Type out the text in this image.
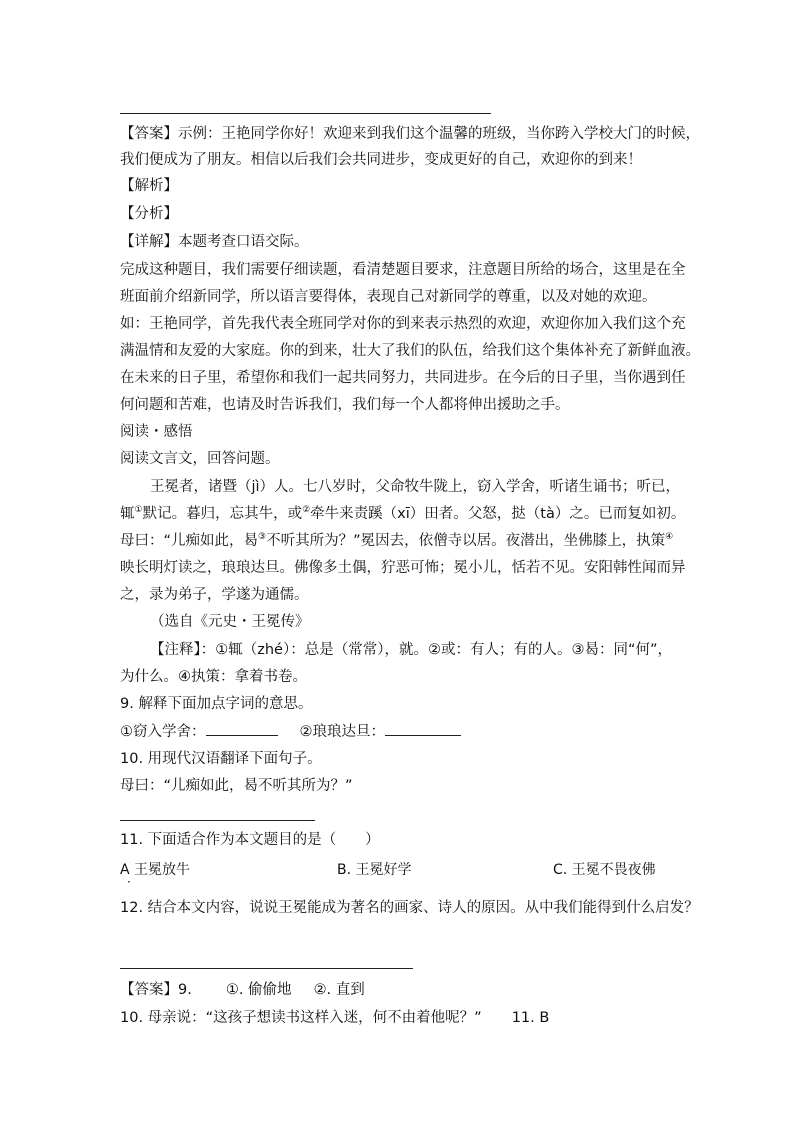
【答案】示例：王艳同学你好！欢迎来到我们这个温馨的班级，当你跨入学校大门的时候，
我们便成为了朋友。相信以后我们会共同进步，变成更好的自己，欢迎你的到来！
【解析】
【分析】
【详解】本题考查口语交际。
完成这种题目，我们需要仔细读题，看清楚题目要求，注意题目所给的场合，这里是在全
班面前介绍新同学，所以语言要得体，表现自己对新同学的尊重，以及对她的欢迎。
如：王艳同学，首先我代表全班同学对你的到来表示热烈的欢迎，欢迎你加入我们这个充
满温情和友爱的大家庭。你的到来，壮大了我们的队伍，给我们这个集体补充了新鲜血液。
在未来的日子里，希望你和我们一起共同努力，共同进步。在今后的日子里，当你遇到任
何问题和苦难，也请及时告诉我们，我们每一个人都将伸出援助之手。
阅读・感悟
阅读文言文，回答问题。
王冕者，诸暨（jì）人。七八岁时，父命牧牛陇上，窃入学舍，听诸生诵书；听已，
辄①默记。暮归，忘其牛，或②牵牛来责蹊（xī）田者。父怒，挞（tà）之。已而复如初。
母曰：“儿痴如此，曷③不听其所为？”冕因去，依僧寺以居。夜潜出，坐佛膝上，执策④
映长明灯读之，琅琅达旦。佛像多土偶，狞恶可怖；冕小儿，恬若不见。安阳韩性闻而异
之，录为弟子，学遂为通儒。
（选自《元史・王冕传》
【注释】：①辄（zhé）：总是（常常），就。②或：有人；有的人。③曷：同“何”，
为什么。④执策：拿着书卷。
9. 解释下面加点字词的意思。
①窃入学舍：	②琅琅达旦：
10. 用现代汉语翻译下面句子。
母曰：“儿痴如此，曷不听其所为？”
11. 下面适合作为本文题目的是（　　）
A 王冕放牛
·
B. 王冕好学	C. 王冕不畏夜佛
12. 结合本文内容，说说王冕能成为著名的画家、诗人的原因。从中我们能得到什么启发？
【答案】9. ①. 偷偷地 ②. 直到
10. 母亲说：“这孩子想读书这样入迷，何不由着他呢？” 11. B
